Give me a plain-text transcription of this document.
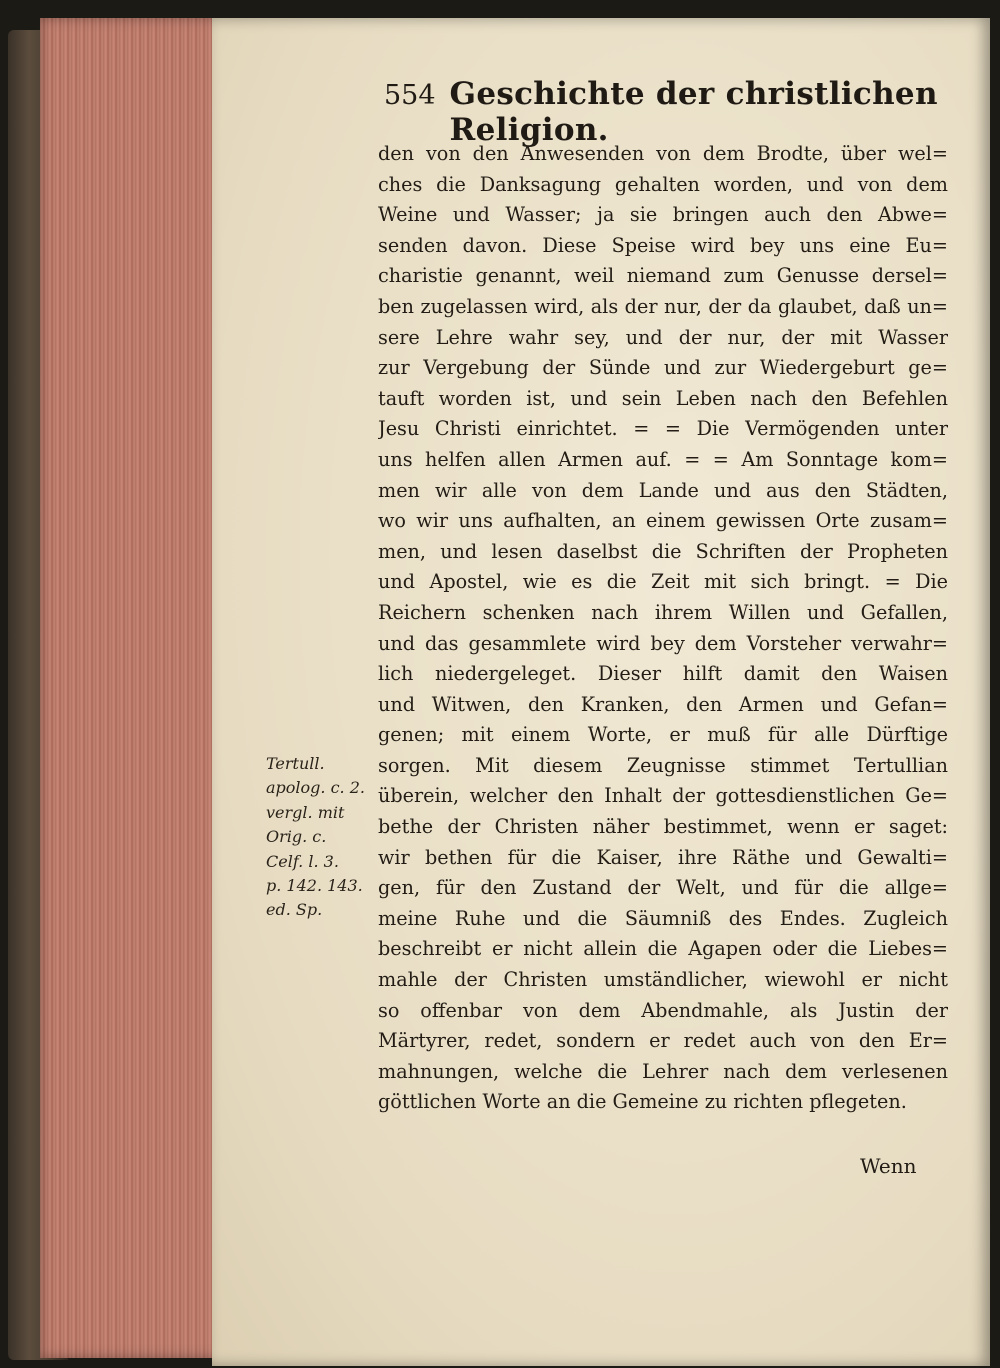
554 Geschichte der christlichen Religion.
den von den Anwesenden von dem Brodte, über wel=
ches die Danksagung gehalten worden, und von dem
Weine und Wasser; ja sie bringen auch den Abwe=
senden davon. Diese Speise wird bey uns eine Eu=
charistie genannt, weil niemand zum Genusse dersel=
ben zugelassen wird, als der nur, der da glaubet, daß un=
sere Lehre wahr sey, und der nur, der mit Wasser
zur Vergebung der Sünde und zur Wiedergeburt ge=
tauft worden ist, und sein Leben nach den Befehlen
Jesu Christi einrichtet. = = Die Vermögenden unter
uns helfen allen Armen auf. = = Am Sonntage kom=
men wir alle von dem Lande und aus den Städten,
wo wir uns aufhalten, an einem gewissen Orte zusam=
men, und lesen daselbst die Schriften der Propheten
und Apostel, wie es die Zeit mit sich bringt. = Die
Reichern schenken nach ihrem Willen und Gefallen,
und das gesammlete wird bey dem Vorsteher verwahr=
lich niedergeleget. Dieser hilft damit den Waisen
und Witwen, den Kranken, den Armen und Gefan=
genen; mit einem Worte, er muß für alle Dürftige
sorgen. Mit diesem Zeugnisse stimmet Tertullian
überein, welcher den Inhalt der gottesdienstlichen Ge=
bethe der Christen näher bestimmet, wenn er saget:
wir bethen für die Kaiser, ihre Räthe und Gewalti=
gen, für den Zustand der Welt, und für die allge=
meine Ruhe und die Säumniß des Endes. Zugleich
beschreibt er nicht allein die Agapen oder die Liebes=
mahle der Christen umständlicher, wiewohl er nicht
so offenbar von dem Abendmahle, als Justin der
Märtyrer, redet, sondern er redet auch von den Er=
mahnungen, welche die Lehrer nach dem verlesenen
göttlichen Worte an die Gemeine zu richten pflegeten.
Tertull.
apolog. c. 2.
vergl. mit
Orig. c.
Celf. l. 3.
p. 142. 143.
ed. Sp.
Wenn
